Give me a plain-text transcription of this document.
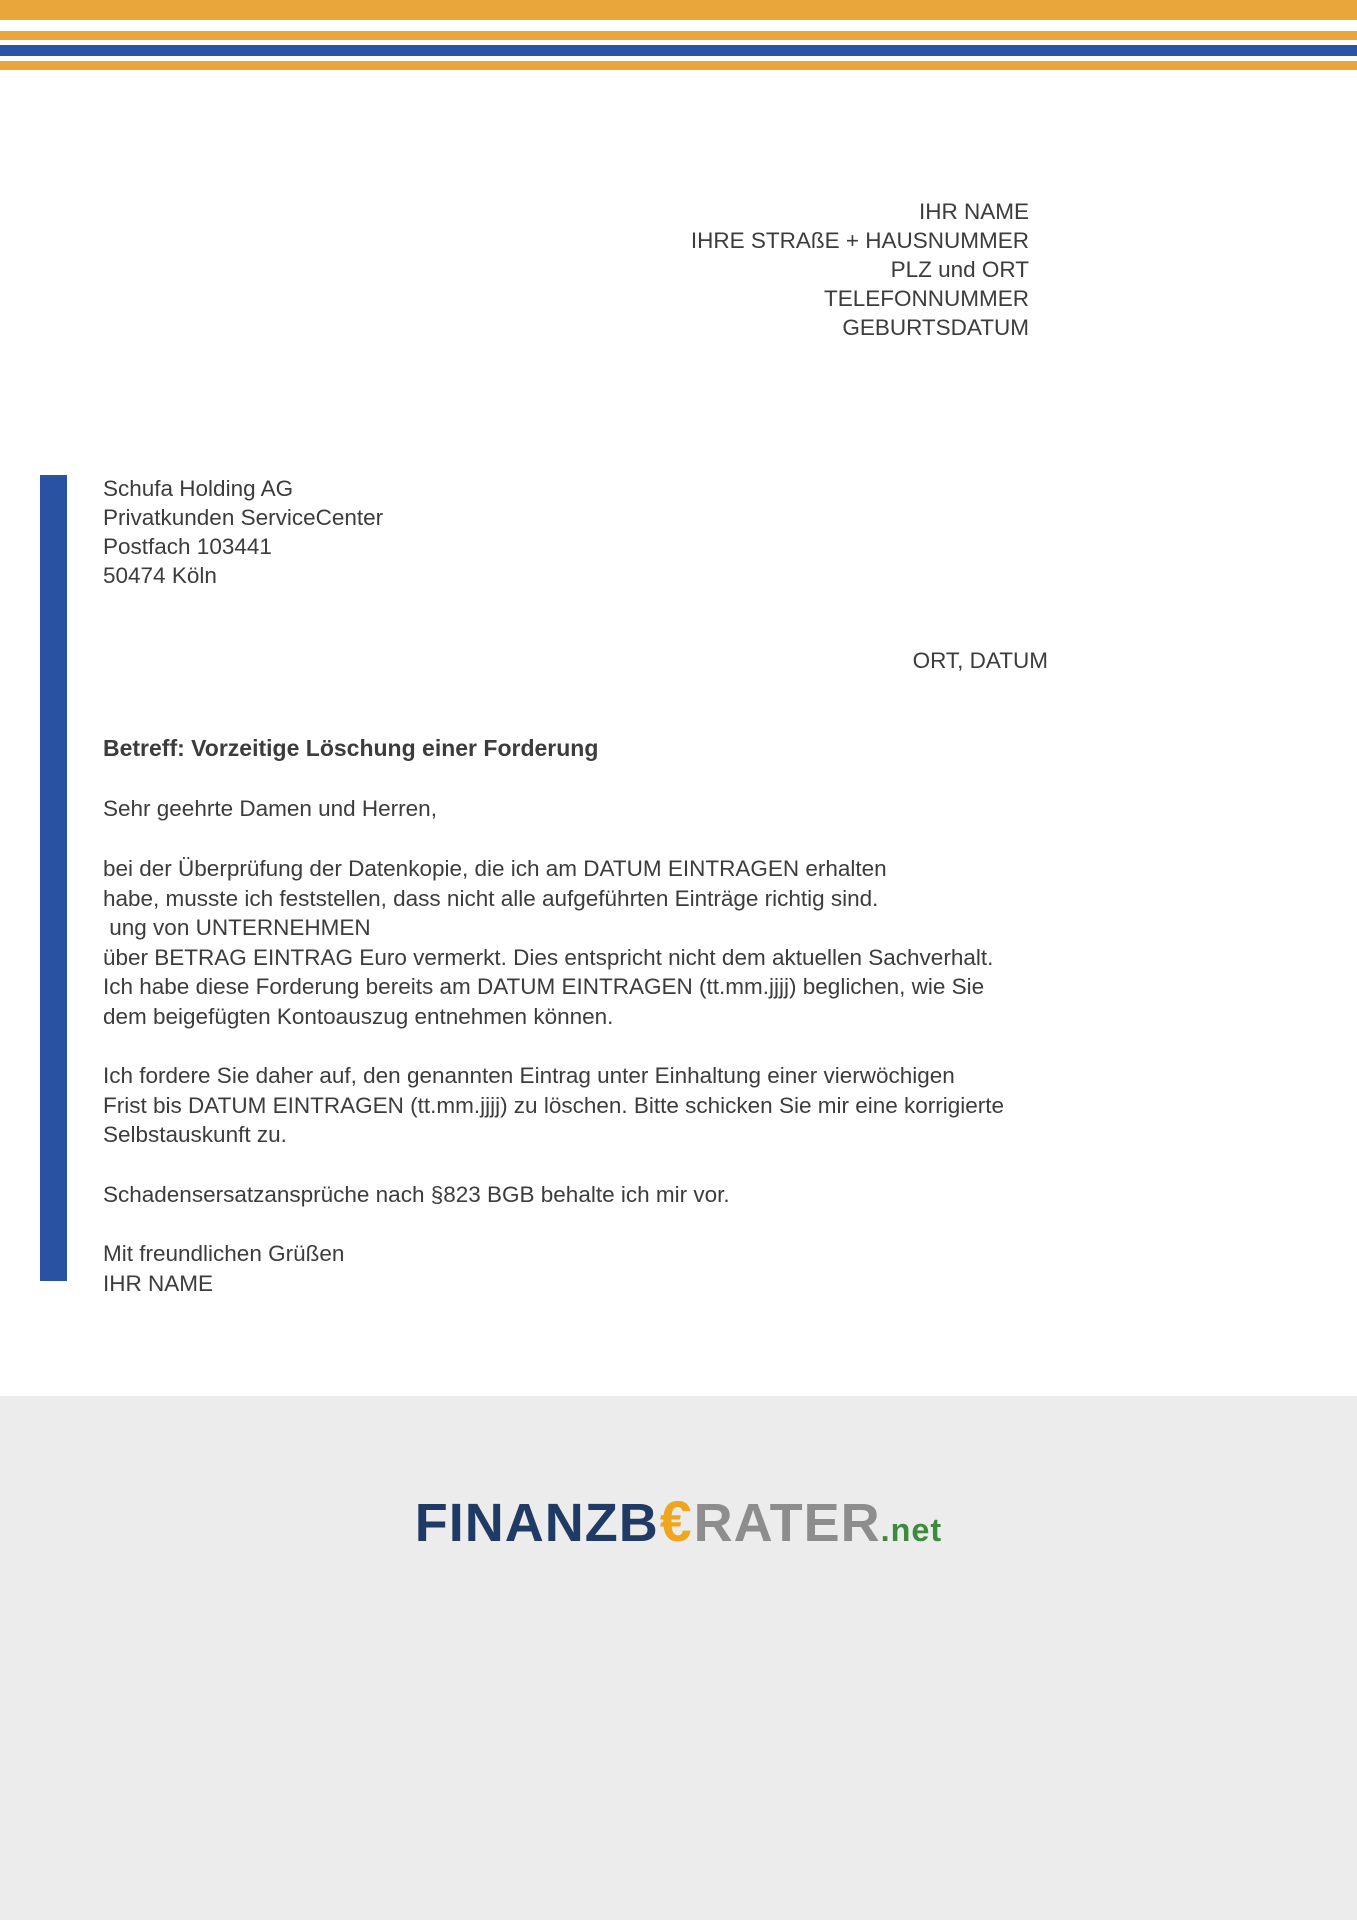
IHR NAME
IHRE STRAßE + HAUSNUMMER
PLZ und ORT
TELEFONNUMMER
GEBURTSDATUM
Schufa Holding AG
Privatkunden ServiceCenter
Postfach 103441
50474 Köln
ORT, DATUM
Betreff: Vorzeitige Löschung einer Forderung
Sehr geehrte Damen und Herren,
bei der Überprüfung der Datenkopie, die ich am DATUM EINTRAGEN erhalten
habe, musste ich feststellen, dass nicht alle aufgeführten Einträge richtig sind.
ung von UNTERNEHMEN
über BETRAG EINTRAG Euro vermerkt. Dies entspricht nicht dem aktuellen Sachverhalt.
Ich habe diese Forderung bereits am DATUM EINTRAGEN (tt.mm.jjjj) beglichen, wie Sie
dem beigefügten Kontoauszug entnehmen können.
Ich fordere Sie daher auf, den genannten Eintrag unter Einhaltung einer vierwöchigen
Frist bis DATUM EINTRAGEN (tt.mm.jjjj) zu löschen. Bitte schicken Sie mir eine korrigierte
Selbstauskunft zu.
Schadensersatzansprüche nach §823 BGB behalte ich mir vor.
Mit freundlichen Grüßen
IHR NAME
FINANZB€RATER.net
